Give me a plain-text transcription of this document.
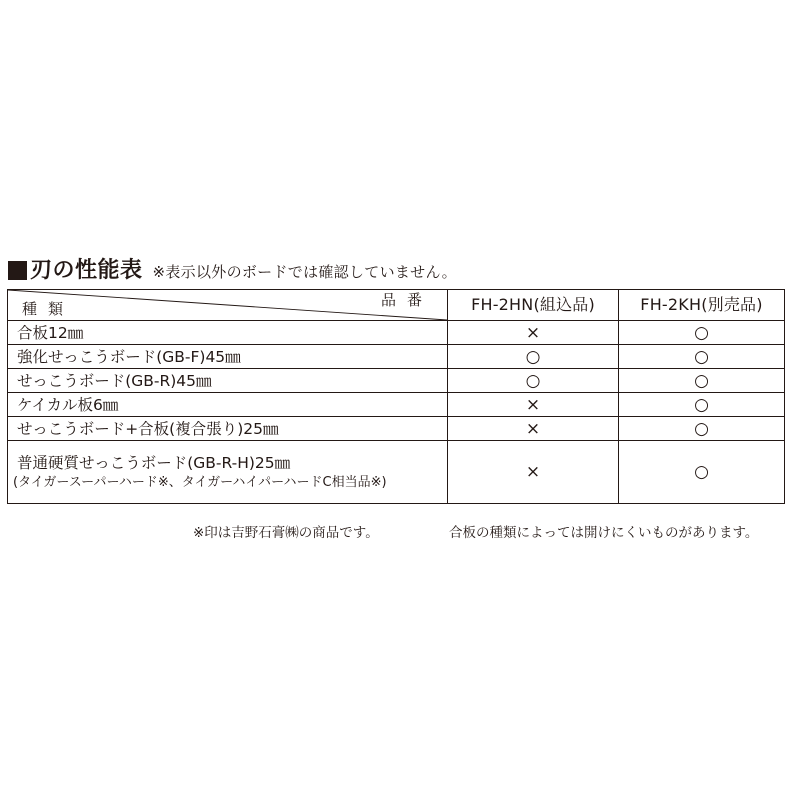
刃の性能表 ※表示以外のボードでは確認していません。
種類 品番	FH-2HN(組込品)	FH-2KH(別売品)
合板12㎜	×	○
強化せっこうボード(GB-F)45㎜	○	○
せっこうボード(GB-R)45㎜	○	○
ケイカル板6㎜	×	○
せっこうボード+合板(複合張り)25㎜	×	○
普通硬質せっこうボード(GB-R-H)25㎜
(タイガースーパーハード※、タイガーハイパーハードC相当品※)	×	○
※印は吉野石膏㈱の商品です。	合板の種類によっては開けにくいものがあります。
